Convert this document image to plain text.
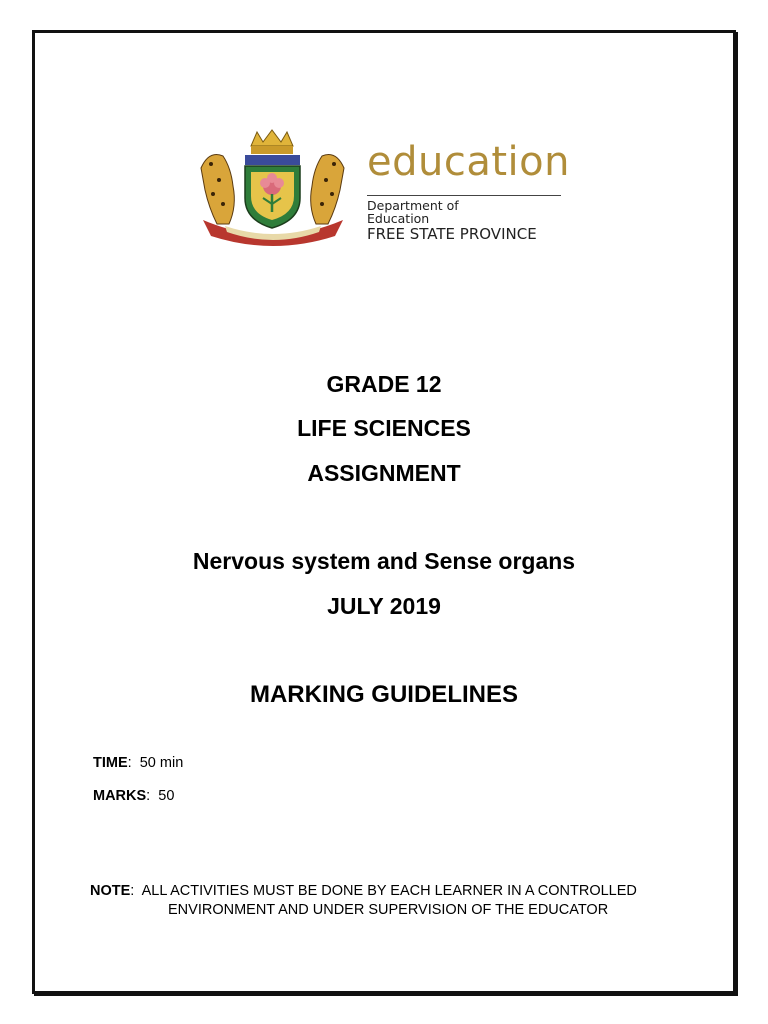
education
Department of
Education
FREE STATE PROVINCE
GRADE 12
LIFE SCIENCES
ASSIGNMENT
Nervous system and Sense organs
JULY 2019
MARKING GUIDELINES
TIME:  50 min
MARKS:  50
NOTE:  ALL ACTIVITIES MUST BE DONE BY EACH LEARNER IN A CONTROLLED
ENVIRONMENT AND UNDER SUPERVISION OF THE EDUCATOR
